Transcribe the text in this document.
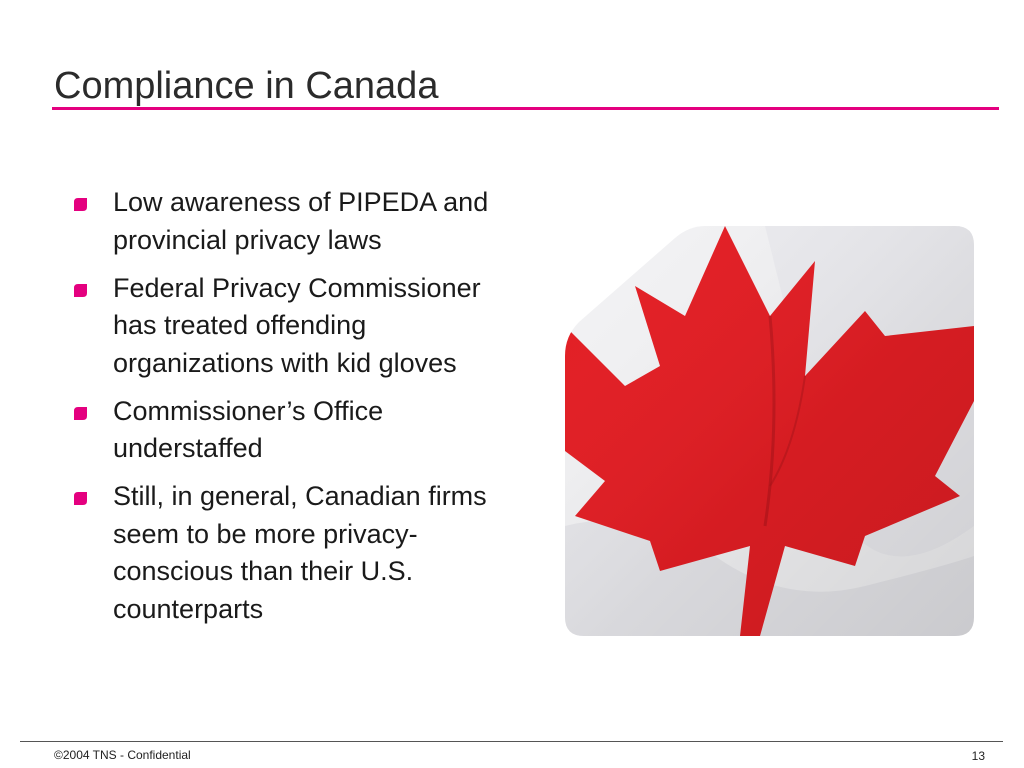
Compliance in Canada
Low awareness of PIPEDA and provincial privacy laws
Federal Privacy Commissioner has treated offending organizations with kid gloves
Commissioner’s Office understaffed
Still, in general, Canadian firms seem to be more privacy-conscious than their U.S. counterparts
©2004 TNS - Confidential	13
